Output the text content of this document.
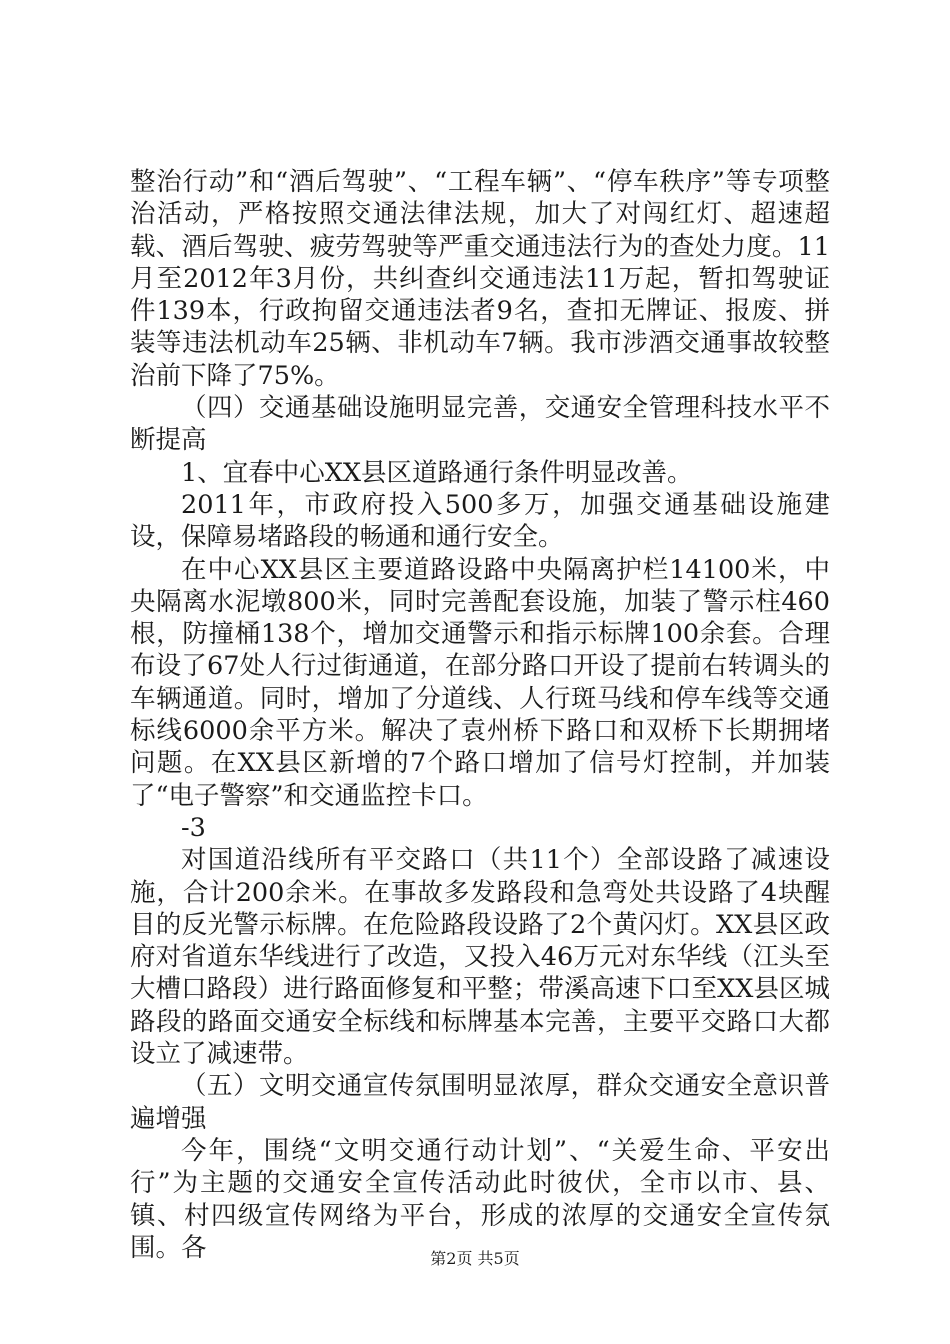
整治行动”和“酒后驾驶”、“工程车辆”、“停车秩序”等专项整治活动，严格按照交通法律法规，加大了对闯红灯、超速超载、酒后驾驶、疲劳驾驶等严重交通违法行为的查处力度。11月至2012年3月份，共纠查纠交通违法11万起，暂扣驾驶证件139本，行政拘留交通违法者9名，查扣无牌证、报废、拼装等违法机动车25辆、非机动车7辆。我市涉酒交通事故较整治前下降了75%。

（四）交通基础设施明显完善，交通安全管理科技水平不断提高

1、宜春中心XX县区道路通行条件明显改善。

2011年，市政府投入500多万，加强交通基础设施建设，保障易堵路段的畅通和通行安全。

在中心XX县区主要道路设路中央隔离护栏14100米，中央隔离水泥墩800米，同时完善配套设施，加装了警示柱460根，防撞桶138个，增加交通警示和指示标牌100余套。合理布设了67处人行过街通道，在部分路口开设了提前右转调头的车辆通道。同时，增加了分道线、人行斑马线和停车线等交通标线6000余平方米。解决了袁州桥下路口和双桥下长期拥堵问题。在XX县区新增的7个路口增加了信号灯控制，并加装了“电子警察”和交通监控卡口。

-3

对国道沿线所有平交路口（共11个）全部设路了减速设施，合计200余米。在事故多发路段和急弯处共设路了4块醒目的反光警示标牌。在危险路段设路了2个黄闪灯。XX县区政府对省道东华线进行了改造，又投入46万元对东华线（江头至大槽口路段）进行路面修复和平整；带溪高速下口至XX县区城路段的路面交通安全标线和标牌基本完善，主要平交路口大都设立了减速带。

（五）文明交通宣传氛围明显浓厚，群众交通安全意识普遍增强

今年，围绕“文明交通行动计划”、“关爱生命、平安出行”为主题的交通安全宣传活动此时彼伏，全市以市、县、镇、村四级宣传网络为平台，形成的浓厚的交通安全宣传氛围。各	第2页 共5页
